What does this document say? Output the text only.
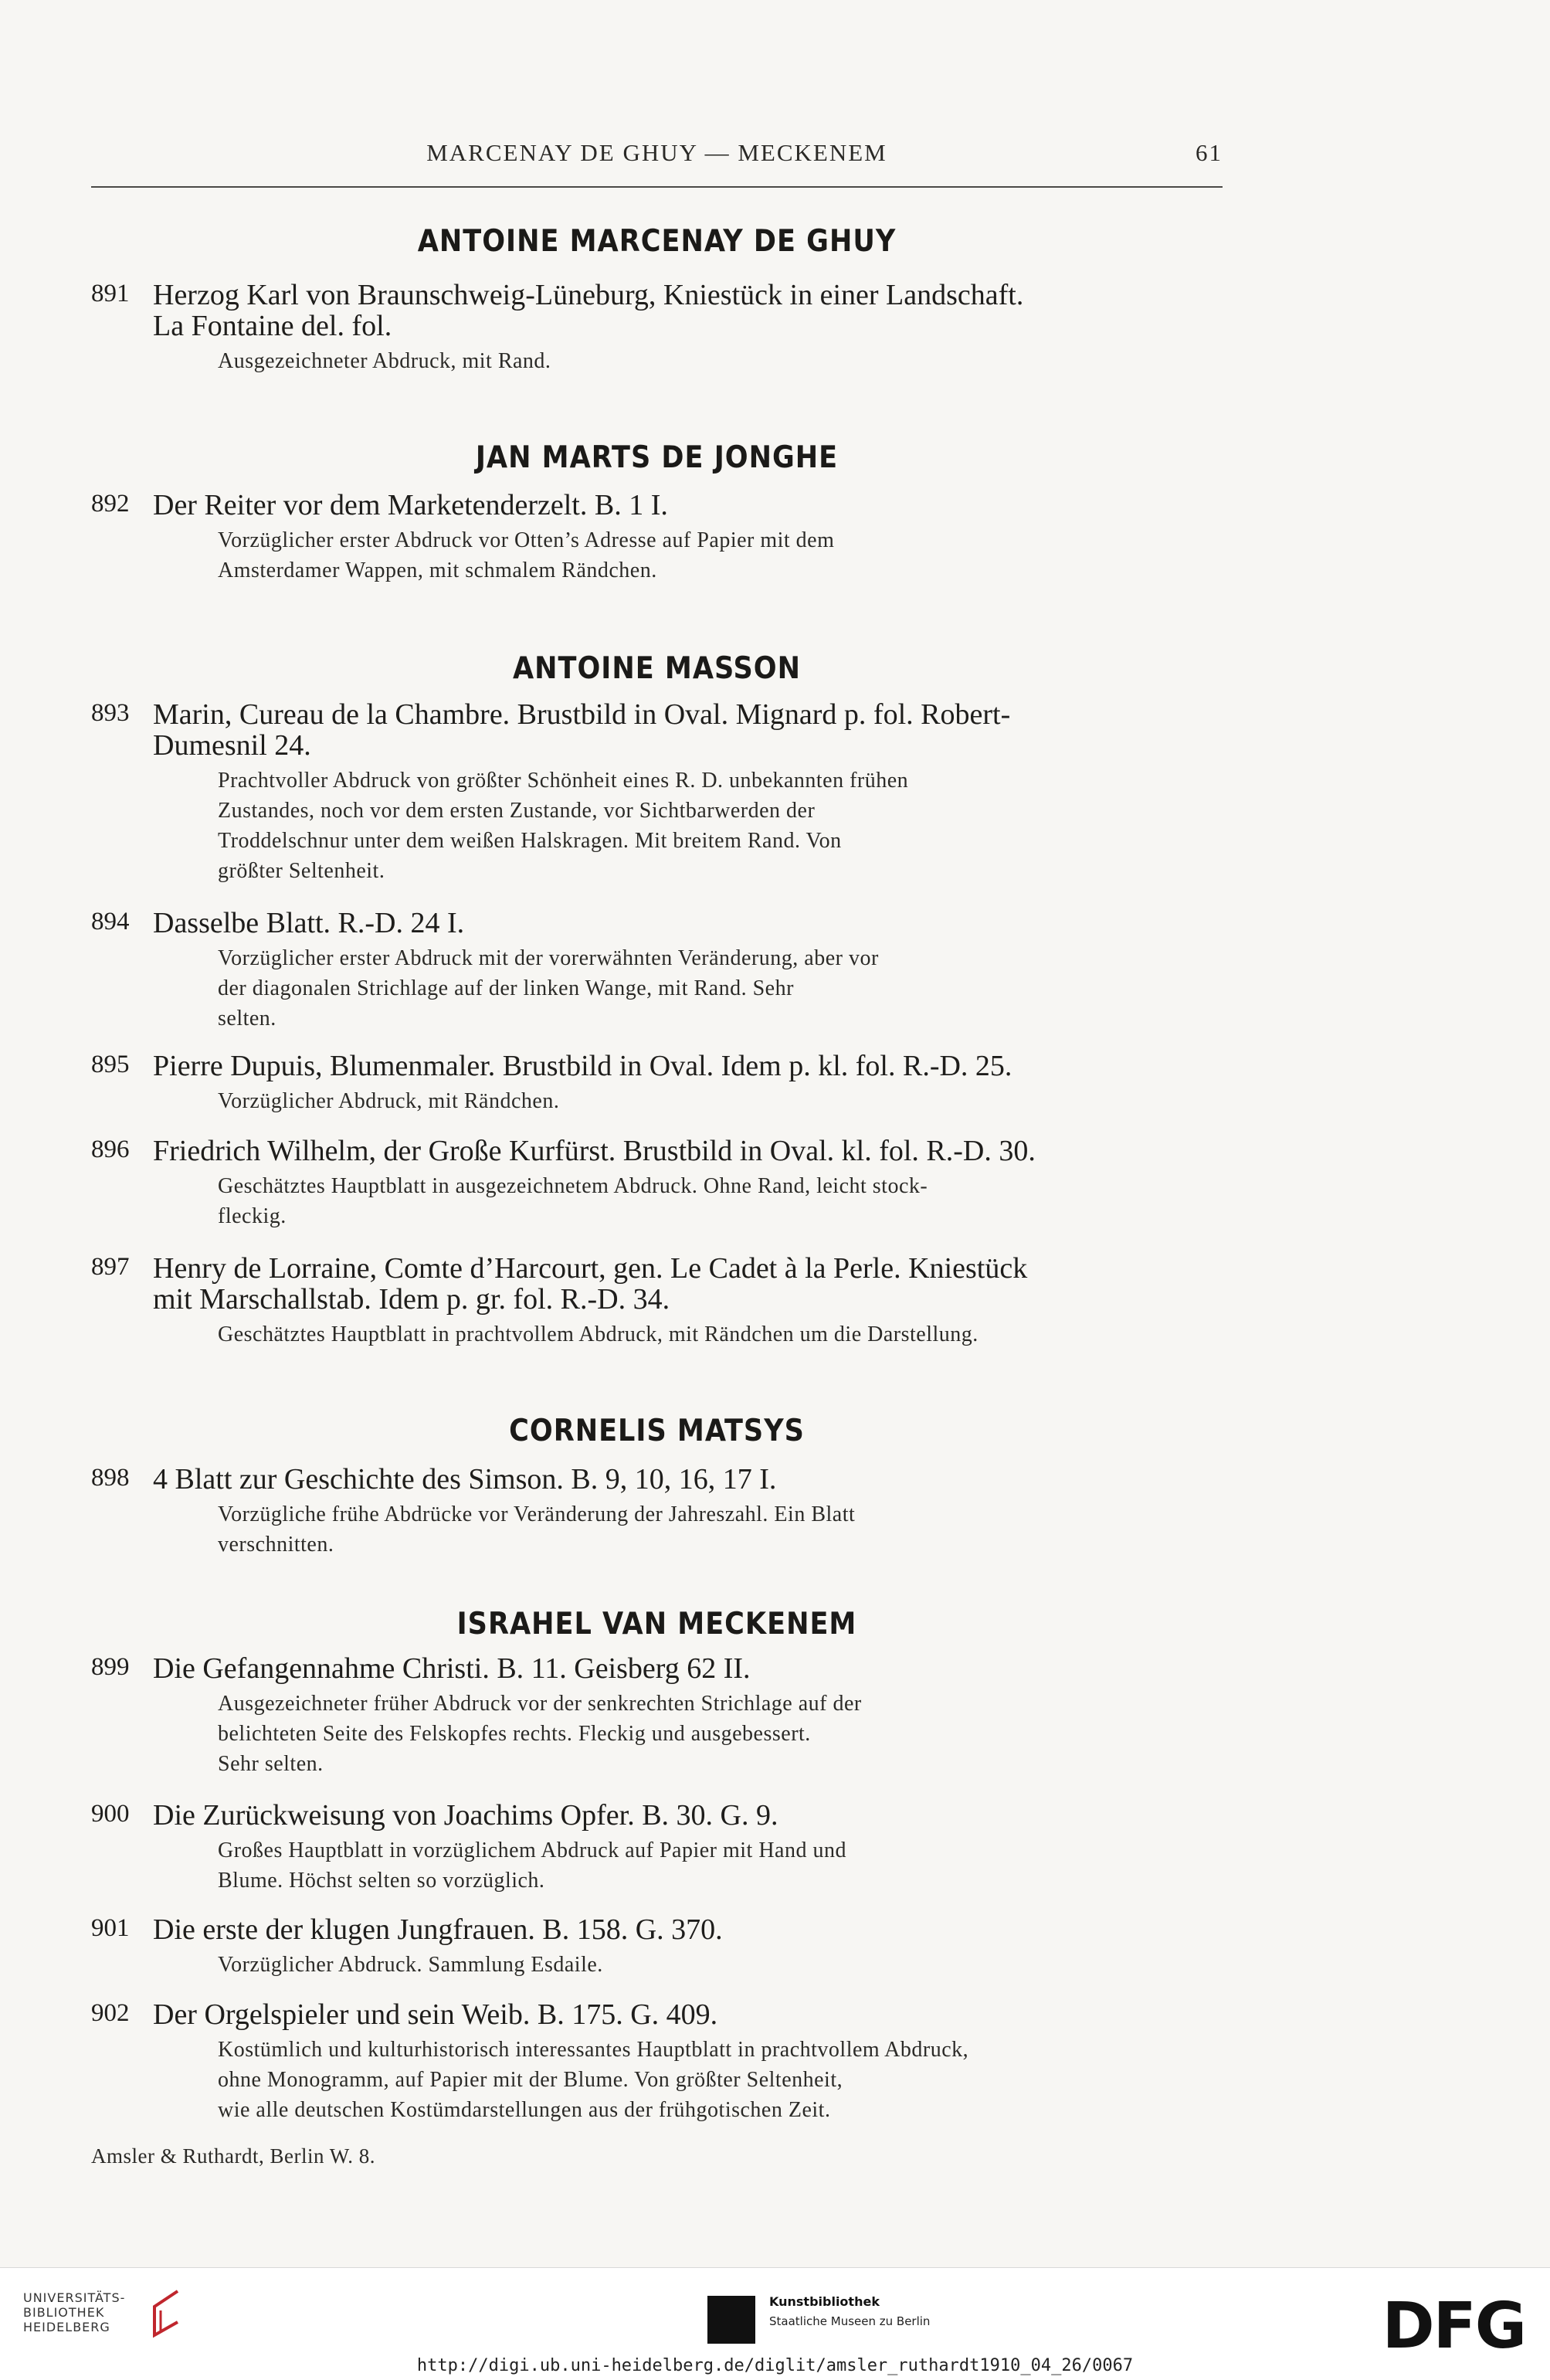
MARCENAY DE GHUY — MECKENEM	61
ANTOINE MARCENAY DE GHUY
891 Herzog Karl von Braunschweig-Lüneburg, Kniestück in einer Landschaft.
La Fontaine del. fol.
Ausgezeichneter Abdruck, mit Rand.
JAN MARTS DE JONGHE
892 Der Reiter vor dem Marketenderzelt. B. 1 I.
Vorzüglicher erster Abdruck vor Otten’s Adresse auf Papier mit dem
Amsterdamer Wappen, mit schmalem Rändchen.
ANTOINE MASSON
893 Marin, Cureau de la Chambre. Brustbild in Oval. Mignard p. fol. Robert-
Dumesnil 24.
Prachtvoller Abdruck von größter Schönheit eines R. D. unbekannten frühen
Zustandes, noch vor dem ersten Zustande, vor Sichtbarwerden der
Troddelschnur unter dem weißen Halskragen. Mit breitem Rand. Von
größter Seltenheit.
894 Dasselbe Blatt. R.-D. 24 I.
Vorzüglicher erster Abdruck mit der vorerwähnten Veränderung, aber vor
der diagonalen Strichlage auf der linken Wange, mit Rand. Sehr
selten.
895 Pierre Dupuis, Blumenmaler. Brustbild in Oval. Idem p. kl. fol. R.-D. 25.
Vorzüglicher Abdruck, mit Rändchen.
896 Friedrich Wilhelm, der Große Kurfürst. Brustbild in Oval. kl. fol. R.-D. 30.
Geschätztes Hauptblatt in ausgezeichnetem Abdruck. Ohne Rand, leicht stock-
fleckig.
897 Henry de Lorraine, Comte d’Harcourt, gen. Le Cadet à la Perle. Kniestück
mit Marschallstab. Idem p. gr. fol. R.-D. 34.
Geschätztes Hauptblatt in prachtvollem Abdruck, mit Rändchen um die Darstellung.
CORNELIS MATSYS
898 4 Blatt zur Geschichte des Simson. B. 9, 10, 16, 17 I.
Vorzügliche frühe Abdrücke vor Veränderung der Jahreszahl. Ein Blatt
verschnitten.
ISRAHEL VAN MECKENEM
899 Die Gefangennahme Christi. B. 11. Geisberg 62 II.
Ausgezeichneter früher Abdruck vor der senkrechten Strichlage auf der
belichteten Seite des Felskopfes rechts. Fleckig und ausgebessert.
Sehr selten.
900 Die Zurückweisung von Joachims Opfer. B. 30. G. 9.
Großes Hauptblatt in vorzüglichem Abdruck auf Papier mit Hand und
Blume. Höchst selten so vorzüglich.
901 Die erste der klugen Jungfrauen. B. 158. G. 370.
Vorzüglicher Abdruck. Sammlung Esdaile.
902 Der Orgelspieler und sein Weib. B. 175. G. 409.
Kostümlich und kulturhistorisch interessantes Hauptblatt in prachtvollem Abdruck,
ohne Monogramm, auf Papier mit der Blume. Von größter Seltenheit,
wie alle deutschen Kostümdarstellungen aus der frühgotischen Zeit.
Amsler & Ruthardt, Berlin W. 8.
UNIVERSITÄTS-
BIBLIOTHEK
HEIDELBERG
Kunstbibliothek
Staatliche Museen zu Berlin	DFG
http://digi.ub.uni-heidelberg.de/diglit/amsler_ruthardt1910_04_26/0067
